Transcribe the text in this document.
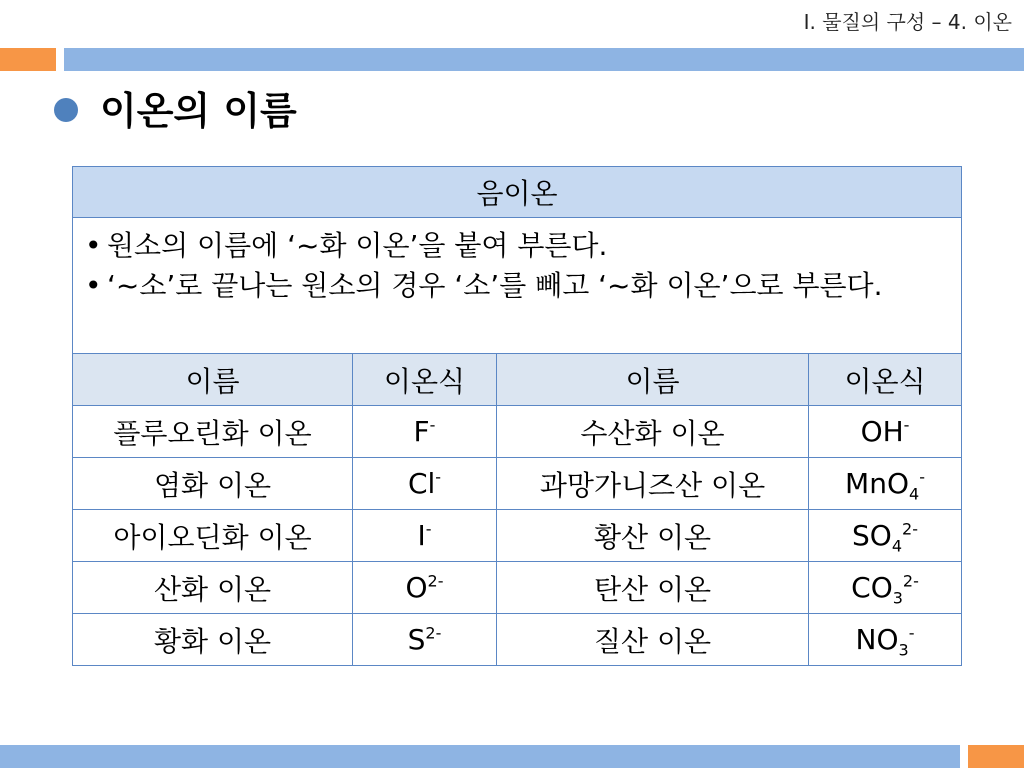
Ⅰ. 물질의 구성 – 4. 이온
이온의 이름
음이온			

• 원소의 이름에 ‘~화 이온’을 붙여 부른다.
• ‘~소’로 끝나는 원소의 경우 ‘소’를 빼고 ‘~화 이온’으로 부른다.			

이름	이온식	이름	이온식
플루오린화 이온	F-	수산화 이온	OH-
염화 이온	Cl-	과망가니즈산 이온	MnO$_4$-
아이오딘화 이온	I-	황산 이온	$SO_4^{2-}$
산화 이온	$O^{2-}$	탄산 이온	$CO_3^{2-}$
황화 이온	$S^{2-}$	질산 이온	$NO_3^-$
